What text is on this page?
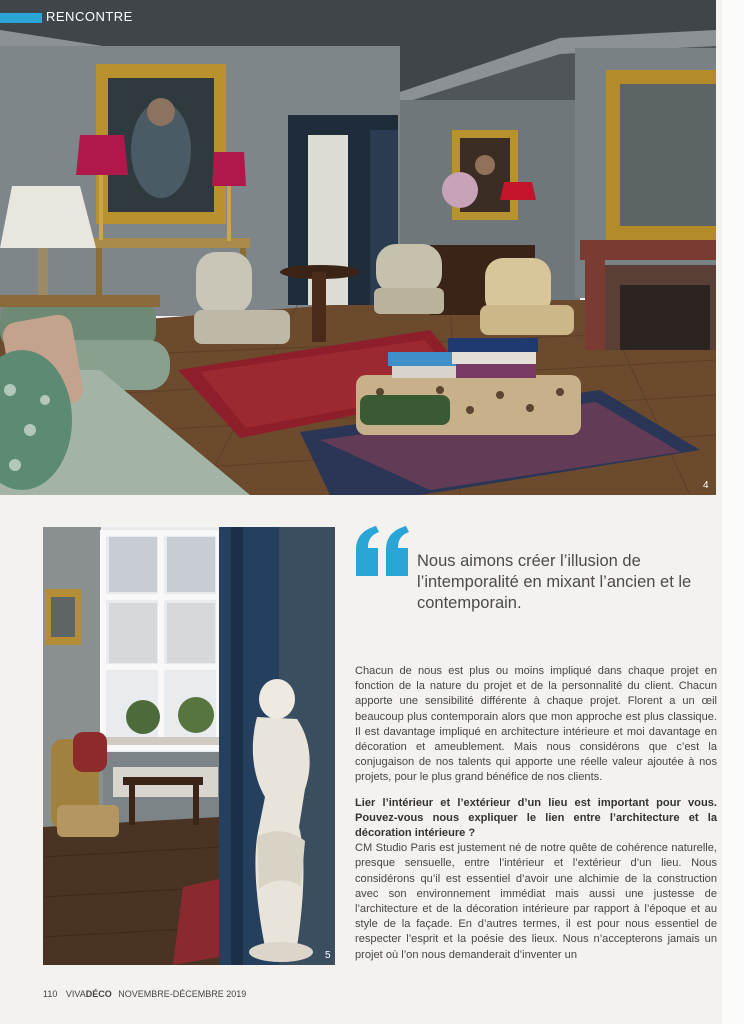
4
RENCONTRE
5
Nous aimons créer l’illusion de l’intemporalité en mixant l’ancien et le contemporain.

Chacun de nous est plus ou moins impliqué dans chaque projet en fonction de la nature du projet et de la personnalité du client. Chacun apporte une sensibilité différente à chaque projet. Florent a un œil beaucoup plus contemporain alors que mon approche est plus classique. Il est davantage impliqué en architecture intérieure et moi davantage en décoration et ameublement. Mais nous considérons que c’est la conjugaison de nos talents qui apporte une réelle valeur ajoutée à nos projets, pour le plus grand bénéfice de nos clients.

Lier l’intérieur et l’extérieur d’un lieu est important pour vous. Pouvez-vous nous expliquer le lien entre l’architecture et la décoration intérieure ?

CM Studio Paris est justement né de notre quête de cohérence naturelle, presque sensuelle, entre l’intérieur et l’extérieur d’un lieu. Nous considérons qu’il est essentiel d’avoir une alchimie de la construction avec son environnement immédiat mais aussi une justesse de l’architecture et de la décoration intérieure par rapport à l’époque et au style de la façade. En d’autres termes, il est pour nous essentiel de respecter l’esprit et la poésie des lieux. Nous n’accepterons jamais un projet où l’on nous demanderait d’inventer un

110 VIVADÉCO NOVEMBRE-DÉCEMBRE 2019
